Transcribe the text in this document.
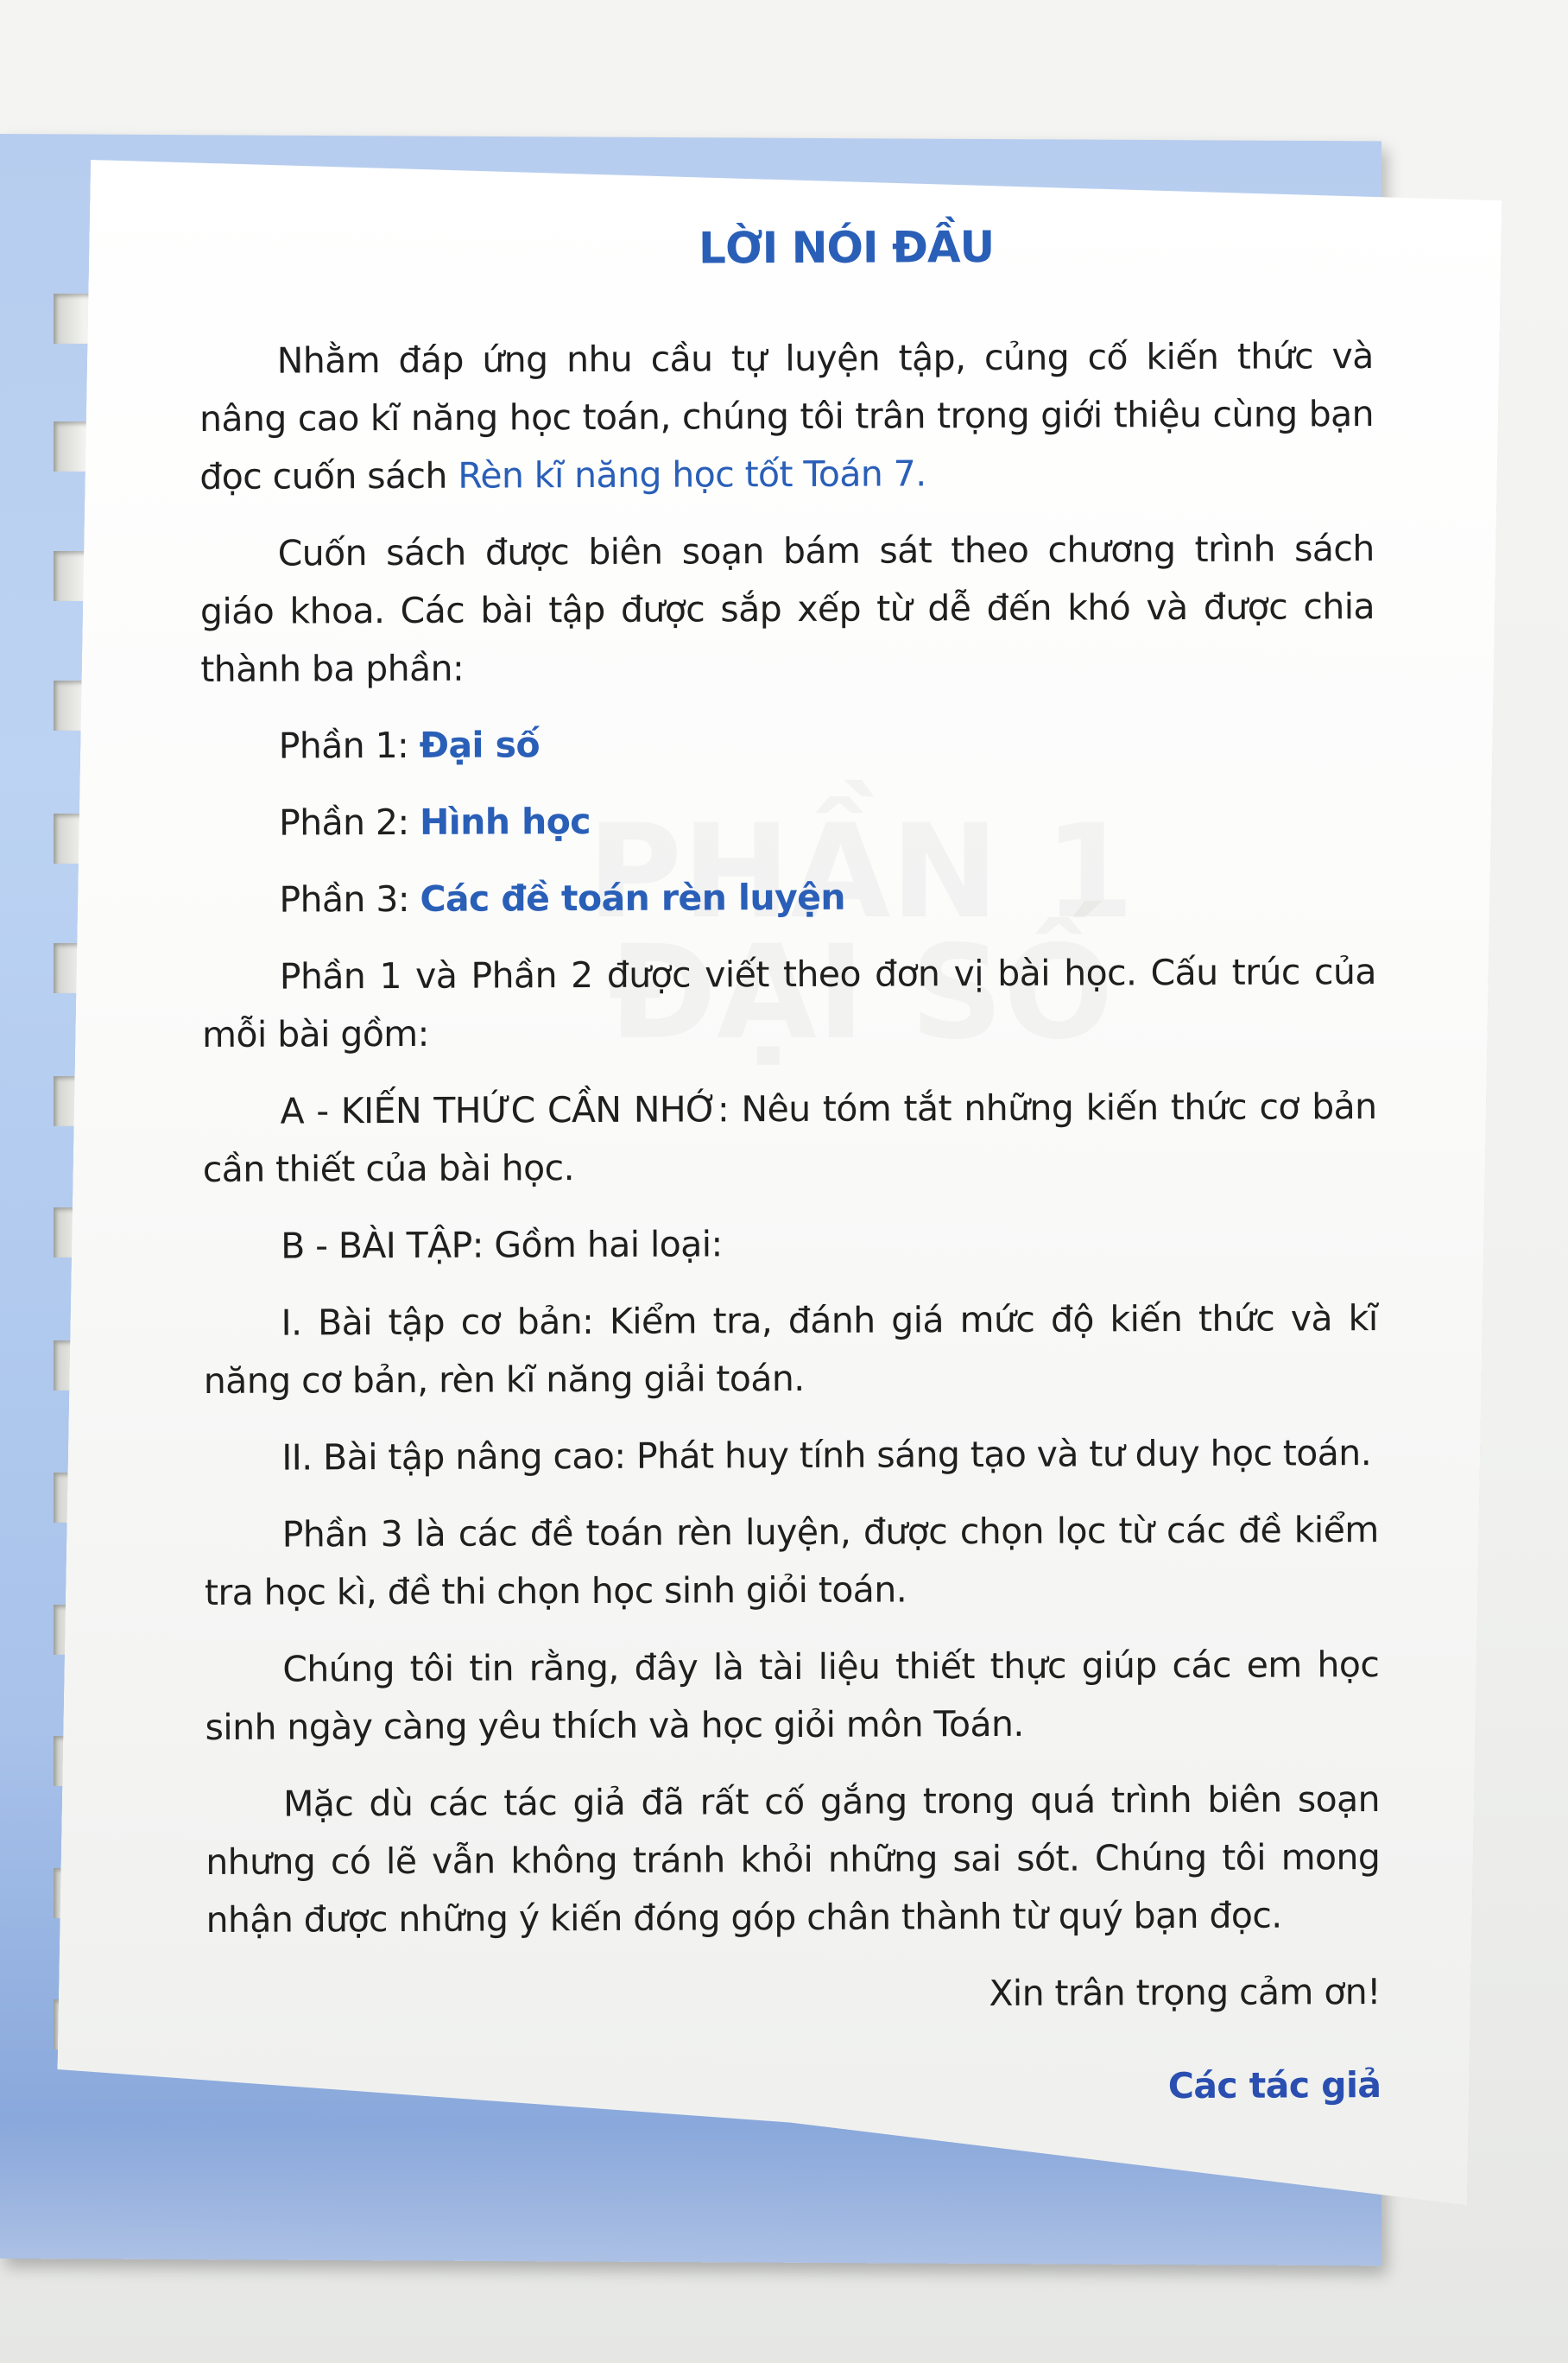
LỜI NÓI ĐẦU

Nhằm đáp ứng nhu cầu tự luyện tập, củng cố kiến thức và nâng cao kĩ năng học toán, chúng tôi trân trọng giới thiệu cùng bạn đọc cuốn sách Rèn kĩ năng học tốt Toán 7.

Cuốn sách được biên soạn bám sát theo chương trình sách giáo khoa. Các bài tập được sắp xếp từ dễ đến khó và được chia thành ba phần:

Phần 1: Đại số

Phần 2: Hình học

Phần 3: Các đề toán rèn luyện

Phần 1 và Phần 2 được viết theo đơn vị bài học. Cấu trúc của mỗi bài gồm:

A - KIẾN THỨC CẦN NHỚ: Nêu tóm tắt những kiến thức cơ bản cần thiết của bài học.

B - BÀI TẬP: Gồm hai loại:

I. Bài tập cơ bản: Kiểm tra, đánh giá mức độ kiến thức và kĩ năng cơ bản, rèn kĩ năng giải toán.

II. Bài tập nâng cao: Phát huy tính sáng tạo và tư duy học toán.

Phần 3 là các đề toán rèn luyện, được chọn lọc từ các đề kiểm tra học kì, đề thi chọn học sinh giỏi toán.

Chúng tôi tin rằng, đây là tài liệu thiết thực giúp các em học sinh ngày càng yêu thích và học giỏi môn Toán.

Mặc dù các tác giả đã rất cố gắng trong quá trình biên soạn nhưng có lẽ vẫn không tránh khỏi những sai sót. Chúng tôi mong nhận được những ý kiến đóng góp chân thành từ quý bạn đọc.

Xin trân trọng cảm ơn!

Các tác giả
